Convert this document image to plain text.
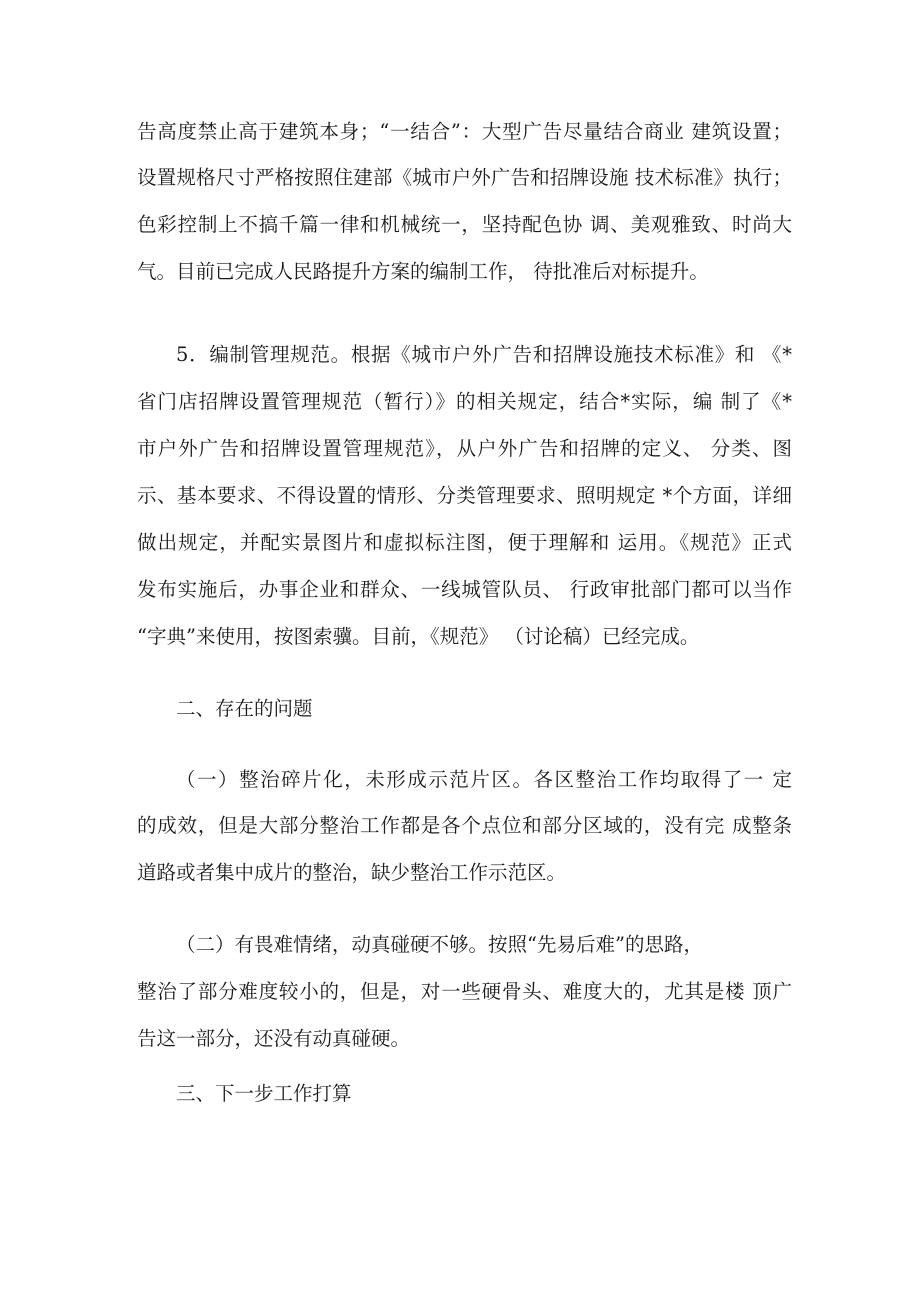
告高度禁止高于建筑本身；“一结合”：大型广告尽量结合商业 建筑设置；
设置规格尺寸严格按照住建部《城市户外广告和招牌设施 技术标准》执行；
色彩控制上不搞千篇一律和机械统一，坚持配色协 调、美观雅致、时尚大
气。目前已完成人民路提升方案的编制工作， 待批准后对标提升。
5．编制管理规范。根据《城市户外广告和招牌设施技术标准》和 《*
省门店招牌设置管理规范（暂行）》的相关规定，结合*实际，编 制了《*
市户外广告和招牌设置管理规范》，从户外广告和招牌的定义、 分类、图
示、基本要求、不得设置的情形、分类管理要求、照明规定 *个方面，详细
做出规定，并配实景图片和虚拟标注图，便于理解和 运用。《规范》正式
发布实施后，办事企业和群众、一线城管队员、 行政审批部门都可以当作
“字典”来使用，按图索骥。目前，《规范》 （讨论稿）已经完成。
二、存在的问题
（一）整治碎片化，未形成示范片区。各区整治工作均取得了一 定
的成效，但是大部分整治工作都是各个点位和部分区域的，没有完 成整条
道路或者集中成片的整治，缺少整治工作示范区。
（二）有畏难情绪，动真碰硬不够。按照“先易后难”的思路，
整治了部分难度较小的，但是，对一些硬骨头、难度大的，尤其是楼 顶广
告这一部分，还没有动真碰硬。
三、下一步工作打算
